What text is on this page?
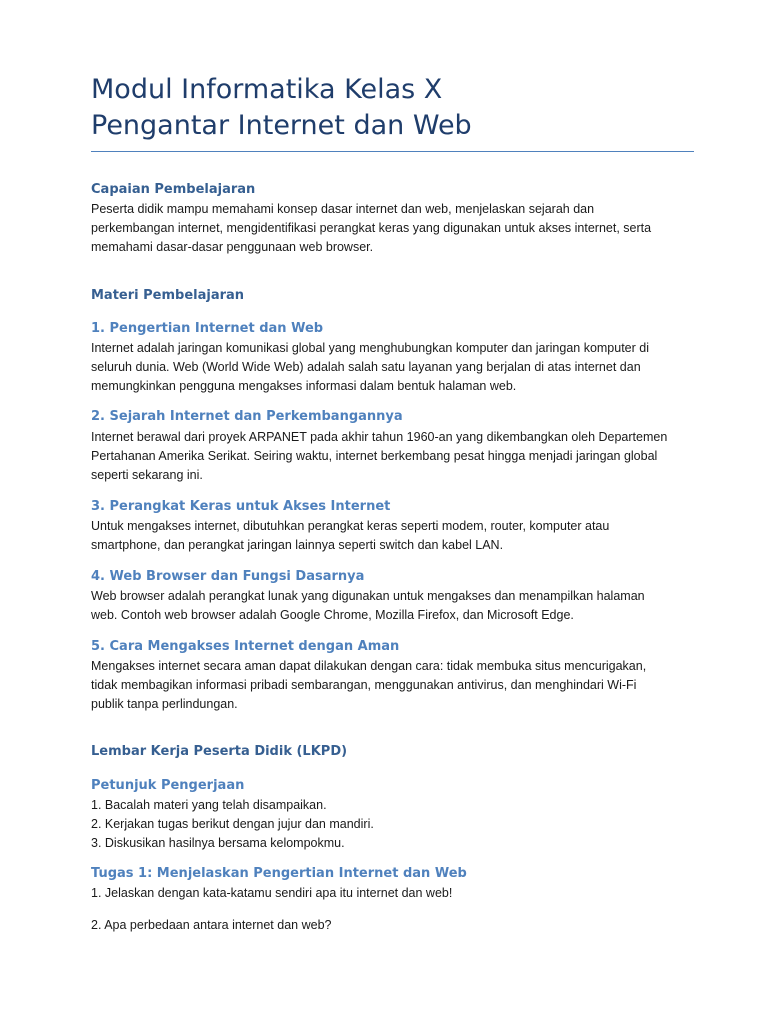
Modul Informatika Kelas X
Pengantar Internet dan Web
Capaian Pembelajaran
Peserta didik mampu memahami konsep dasar internet dan web, menjelaskan sejarah dan
perkembangan internet, mengidentifikasi perangkat keras yang digunakan untuk akses internet, serta
memahami dasar-dasar penggunaan web browser.
Materi Pembelajaran
1. Pengertian Internet dan Web
Internet adalah jaringan komunikasi global yang menghubungkan komputer dan jaringan komputer di
seluruh dunia. Web (World Wide Web) adalah salah satu layanan yang berjalan di atas internet dan
memungkinkan pengguna mengakses informasi dalam bentuk halaman web.
2. Sejarah Internet dan Perkembangannya
Internet berawal dari proyek ARPANET pada akhir tahun 1960-an yang dikembangkan oleh Departemen
Pertahanan Amerika Serikat. Seiring waktu, internet berkembang pesat hingga menjadi jaringan global
seperti sekarang ini.
3. Perangkat Keras untuk Akses Internet
Untuk mengakses internet, dibutuhkan perangkat keras seperti modem, router, komputer atau
smartphone, dan perangkat jaringan lainnya seperti switch dan kabel LAN.
4. Web Browser dan Fungsi Dasarnya
Web browser adalah perangkat lunak yang digunakan untuk mengakses dan menampilkan halaman
web. Contoh web browser adalah Google Chrome, Mozilla Firefox, dan Microsoft Edge.
5. Cara Mengakses Internet dengan Aman
Mengakses internet secara aman dapat dilakukan dengan cara: tidak membuka situs mencurigakan,
tidak membagikan informasi pribadi sembarangan, menggunakan antivirus, dan menghindari Wi-Fi
publik tanpa perlindungan.
Lembar Kerja Peserta Didik (LKPD)
Petunjuk Pengerjaan
1. Bacalah materi yang telah disampaikan.
2. Kerjakan tugas berikut dengan jujur dan mandiri.
3. Diskusikan hasilnya bersama kelompokmu.
Tugas 1: Menjelaskan Pengertian Internet dan Web
1. Jelaskan dengan kata-katamu sendiri apa itu internet dan web!
2. Apa perbedaan antara internet dan web?
